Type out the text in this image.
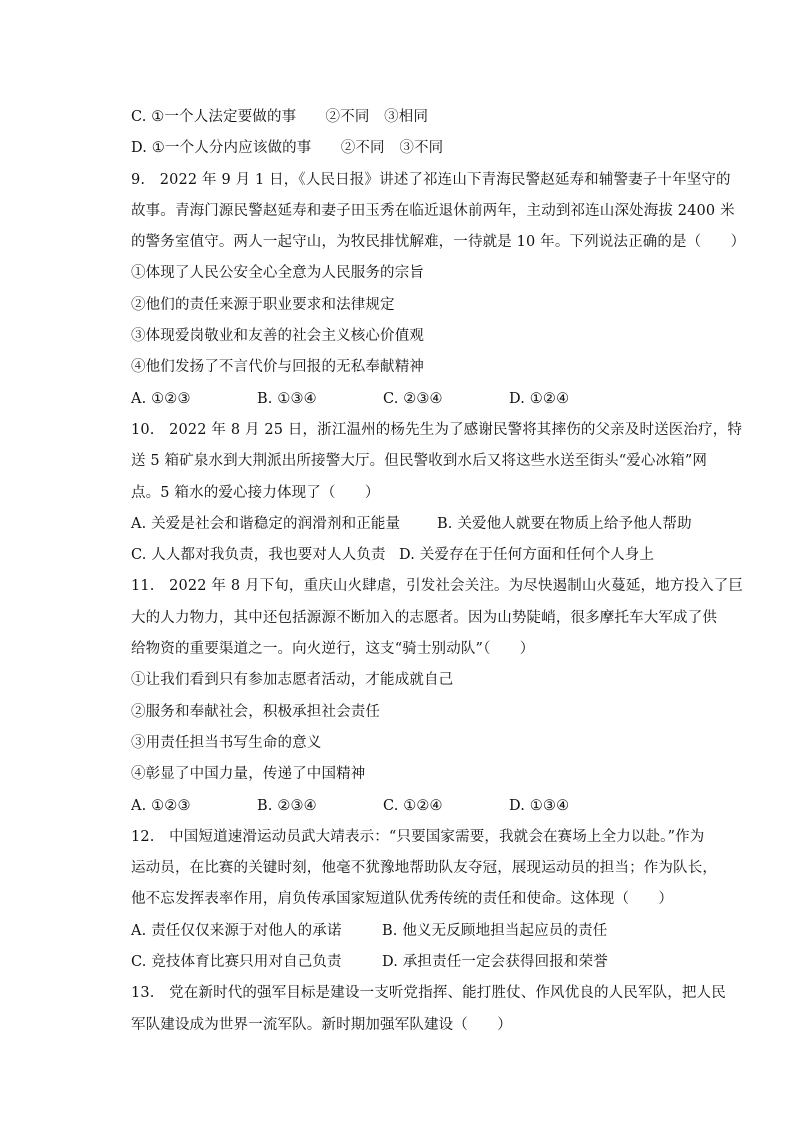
C. ①一个人法定要做的事　　②不同　③相同
D. ①一个人分内应该做的事　　②不同　③不同
9.　2022 年 9 月 1 日，《人民日报》讲述了祁连山下青海民警赵延寿和辅警妻子十年坚守的
故事。青海门源民警赵延寿和妻子田玉秀在临近退休前两年，主动到祁连山深处海拔 2400 米
的警务室值守。两人一起守山，为牧民排忧解难，一待就是 10 年。下列说法正确的是（　　）
①体现了人民公安全心全意为人民服务的宗旨
②他们的责任来源于职业要求和法律规定
③体现爱岗敬业和友善的社会主义核心价值观
④他们发扬了不言代价与回报的无私奉献精神
A. ①②③	B. ①③④	C. ②③④	D. ①②④
10.　2022 年 8 月 25 日，浙江温州的杨先生为了感谢民警将其摔伤的父亲及时送医治疗，特
送 5 箱矿泉水到大荆派出所接警大厅。但民警收到水后又将这些水送至街头“爱心冰箱”网
点。5 箱水的爱心接力体现了（　　）
A. 关爱是社会和谐稳定的润滑剂和正能量	B. 关爱他人就要在物质上给予他人帮助
C. 人人都对我负责，我也要对人人负责 D. 关爱存在于任何方面和任何个人身上
11.　2022 年 8 月下旬，重庆山火肆虐，引发社会关注。为尽快遏制山火蔓延，地方投入了巨
大的人力物力，其中还包括源源不断加入的志愿者。因为山势陡峭，很多摩托车大军成了供
给物资的重要渠道之一。向火逆行，这支“骑士别动队”（　　）
①让我们看到只有参加志愿者活动，才能成就自己
②服务和奉献社会，积极承担社会责任
③用责任担当书写生命的意义
④彰显了中国力量，传递了中国精神
A. ①②③	B. ②③④	C. ①②④	D. ①③④
12.　中国短道速滑运动员武大靖表示：“只要国家需要，我就会在赛场上全力以赴。”作为
运动员，在比赛的关键时刻，他毫不犹豫地帮助队友夺冠，展现运动员的担当；作为队长，
他不忘发挥表率作用，肩负传承国家短道队优秀传统的责任和使命。这体现（　　）
A. 责任仅仅来源于对他人的承诺	B. 他义无反顾地担当起应员的责任
C. 竞技体育比赛只用对自己负责	D. 承担责任一定会获得回报和荣誉
13.　党在新时代的强军目标是建设一支听党指挥、能打胜仗、作风优良的人民军队，把人民
军队建设成为世界一流军队。新时期加强军队建设（　　）
